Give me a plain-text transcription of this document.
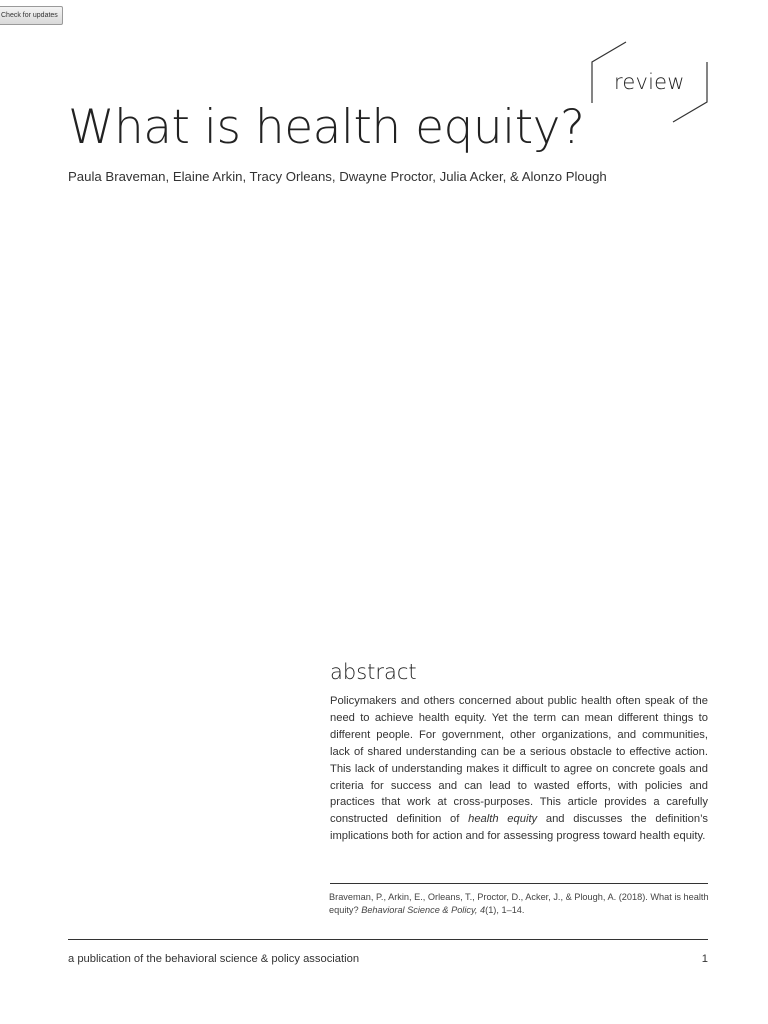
Check for updates
review
What is health equity?
Paula Braveman, Elaine Arkin, Tracy Orleans, Dwayne Proctor, Julia Acker, & Alonzo Plough
abstract

Policymakers and others concerned about public health often speak of the need to achieve health equity. Yet the term can mean different things to different people. For government, other organizations, and communities, lack of shared understanding can be a serious obstacle to effective action. This lack of understanding makes it difficult to agree on concrete goals and criteria for success and can lead to wasted efforts, with policies and practices that work at cross-purposes. This article provides a carefully constructed definition of health equity and discusses the definition’s implications both for action and for assessing progress toward health equity.

Braveman, P., Arkin, E., Orleans, T., Proctor, D., Acker, J., & Plough, A. (2018). What is health equity? Behavioral Science & Policy, 4(1), 1–14.

a publication of the behavioral science & policy association	1
